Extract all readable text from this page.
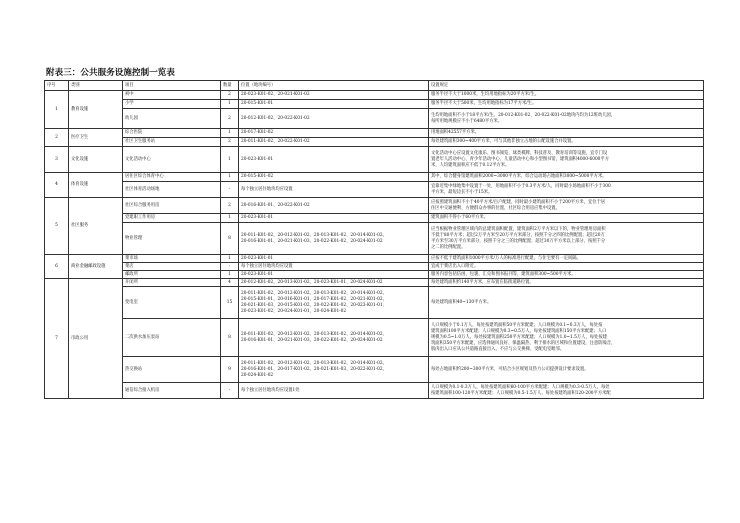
附表三：公共服务设施控制一览表
序号	类别	项目	数量	位置（地块编号）	设置规定
1	教育设施	初中	2	20-023-K01-02、20-021-K01-02	服务半径不大于1000米，生均用地指标为20平方米/生。

		小学	1	20-015-K01-01	服务半径不大于500米，生均用地指标为17平方米/生。

		幼儿园	2	20-012-K01-02、20-022-K01-02	生均用地面积不小于18平方米/生，20-012-K01-02、20-022-K01-02地块内均为12班幼儿园，
每所用地规模应不小于6480平方米。

2	医疗卫生	综合医院	1	20-017-K01-02	用地面积42557平方米。

		社区卫生服务站	2	20-011-K01-02、20-022-K01-02	每处建筑面积300~400平方米，可与其他非独立占地的公配设施合并设置。

3	文化设施	文化活动中心	1	20-023-K01-01	文化活动中心应设置文化康乐、图书阅览、球类棋牌、科技普及、教育培训等设施，宜专门设
置老年人活动中心、青少年活动中心、儿童活动中心和小型图书馆，建筑面积4000-6000平方
米，人均建筑面积应不低于0.12平方米。

4	体育设施	居住区综合体育中心	1	20-015-K01-02	其中，综合健身馆建筑面积2000~3000平方米，综合运动场占地面积3000~5000平方米。

		社区体育活动场地	-	每个独立居住地块均应设置	宜靠近集中绿地集中设置于一处，用地面积不小于0.3平方米/人，同时最小场地面积不小于300
平方米，最短边长不小于15米。

5	社区服务	社区综合服务用房	2	20-016-K01-01、20-022-K01-02	应按照建筑面积不小于40平方米/百户配建，同时最小建筑面积不小于200平方米，宜位于居
住区中交通便利、方便群众办事的位置，社区综合用房应集中设置。

		党建职工作用房	1	20-023-K01-01	建筑面积不得小于60平方米。

		物业管理	8	20-011-K01-02、20-012-K01-02、20-013-K01-02、20-014-K01-02、
20-016-K01-01、20-021-K01-03、20-022-K01-02、20-024-K01-02	应当根据物业管理区域内的总建筑面积配置，建筑面积2万平方米以下的，物业管理用房面积
不低于80平方米；超过2万平方米至20万平方米部分，按照千分之四的比例配置；超过20万
平方米至30万平方米部分，按照千分之三的比例配置；超过30万平方米以上部分，按照千分
之二的比例配置。

6	商业金融邮政设施	菜市场	1	20-023-K01-01	应按不低于建筑面积1000平方米/万人的标准进行配建，与住宅要有一定间隔。

		菜店	-	每个独立居住地块均应设置	宜成于菜店出入口附近。

		邮政所	1	20-023-K01-01	服务内容包括信函、包裹、汇兑和图书报刊等，建筑面积300~500平方米。

7	市政公用	开闭所	4	20-012-K01-02、20-013-K01-02、20-023-K01-01、20-024-K01-02	每处建筑面积约140平方米，应布置在临街道路位置。

		变电室	15	20-011-K01-02、20-012-K01-02、20-013-K01-02、20-014-K01-02、
20-015-K01-01、20-016-K01-01、20-017-K01-02、20-021-K01-02、
20-021-K01-03、20-015-K01-02、20-022-K01-02、20-023-K01-01、
20-023-K01-02、20-024-K01-01、20-024-K01-02	每处建筑面积40~130平方米。

		二次供水加压泵站	8	20-011-K01-02、20-012-K01-02、20-013-K01-02、20-014-K01-02、
20-016-K01-01、20-021-K01-03、20-022-K01-02、20-024-K01-02	人口规模小于0.1万人，每处按建筑面积50平方米配建；人口规模为0.1~0.3万人，每处按
建筑面积100平方米配建；人口规模为0.3~0.5万人，每处按建筑面积150平方米配建；人口
规模为0.5~1.0万人，每处按建筑面积250平方米配建；人口规模为1.0~1.5万人，每处按建
筑面积350平方米配建，应选择通风良好、保温隔热、利于排水的区域和位置建设，注意防噪音，
肌肉出入口应从公共道路直接出入，不应与公交换梯、受配电室毗邻。

		热交换站	9	20-011-K01-02、20-012-K01-02、20-013-K01-02、20-014-K01-02、
20-016-K01-01、20-017-K01-02、20-021-K01-03、20-022-K01-02、
20-024-K01-02	每处占地面积约200~300平方米，可结合小区规划及热力公司提供设计要求设置。

		通信综合接入机房	-	每个独立居住地块均应设置1处	人口规模为0.1-0.3万人，每处按建筑面积60-100平方米配建；人口规模为0.3-0.5万人，每处
按建筑面积100-120平方米配建；人口规模为0.5-1.5万人，每处按建筑面积120-200平方米配
